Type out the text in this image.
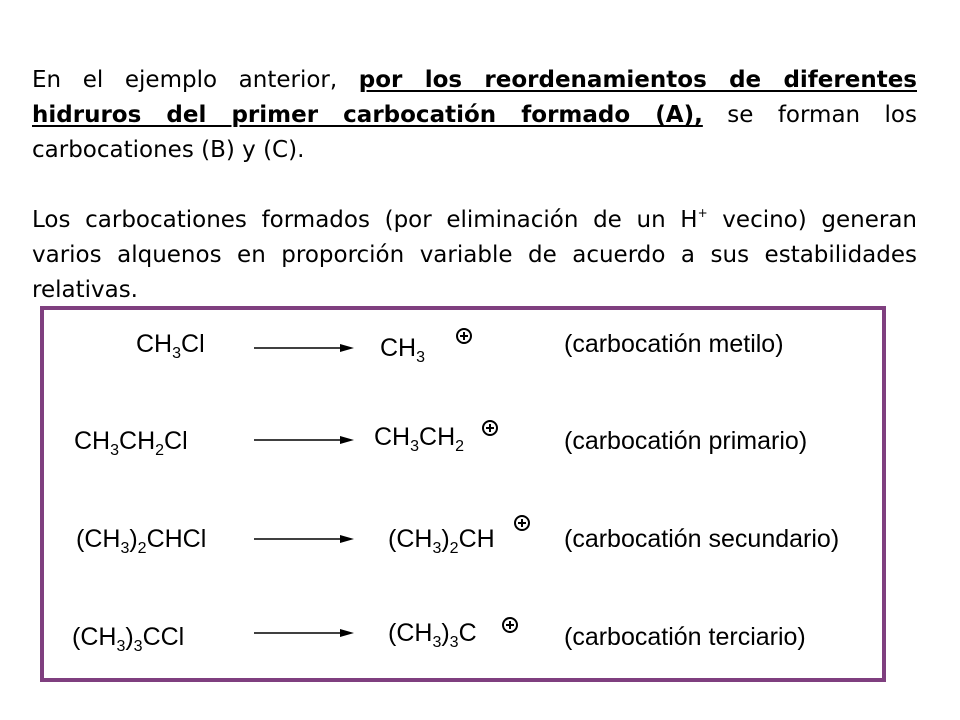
En el ejemplo anterior, por los reordenamientos de diferentes hidruros del primer carbocatión formado (A), se forman los carbocationes (B) y (C).

Los carbocationes formados (por eliminación de un H+ vecino) generan varios alquenos en proporción variable de acuerdo a sus estabilidades relativas.

$CH_3Cl$	$CH_3$	(carbocatión metilo)
$CH_3CH_2Cl$	$CH_3CH_2$	(carbocatión primario)
$(CH_3)_2CHCl$	$(CH_3)_2CH$	(carbocatión secundario)
$(CH_3)_3CCl$	$(CH_3)_3C$	(carbocatión terciario)
